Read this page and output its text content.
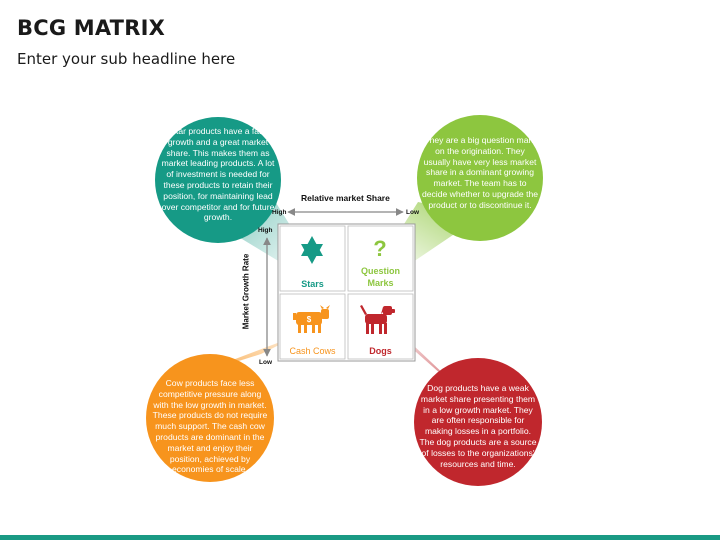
BCG MATRIX
Enter your sub headline here
?
$
Relative market Share
High	Low
High
Low
Market Growth Rate	Stars
Question
Marks
Cash Cows	Dogs
Star products have a fast
growth and a great market
share. This makes them as
market leading products. A lot
of investment is needed for
these products to retain their
position, for maintaining lead
over competitor and for future
growth.
They are a big question mark
on the origination. They
usually have very less market
share in a dominant growing
market. The team has to
decide whether to upgrade the
product or to discontinue it.
Cow products face less
competitive pressure along
with the low growth in market.
These products do not require
much support. The cash cow
products are dominant in the
market and enjoy their
position, achieved by
economies of scale.
Dog products have a weak
market share presenting them
in a low growth market. They
are often responsible for
making losses in a portfolio.
The dog products are a source
of losses to the organizations'
resources and time.
